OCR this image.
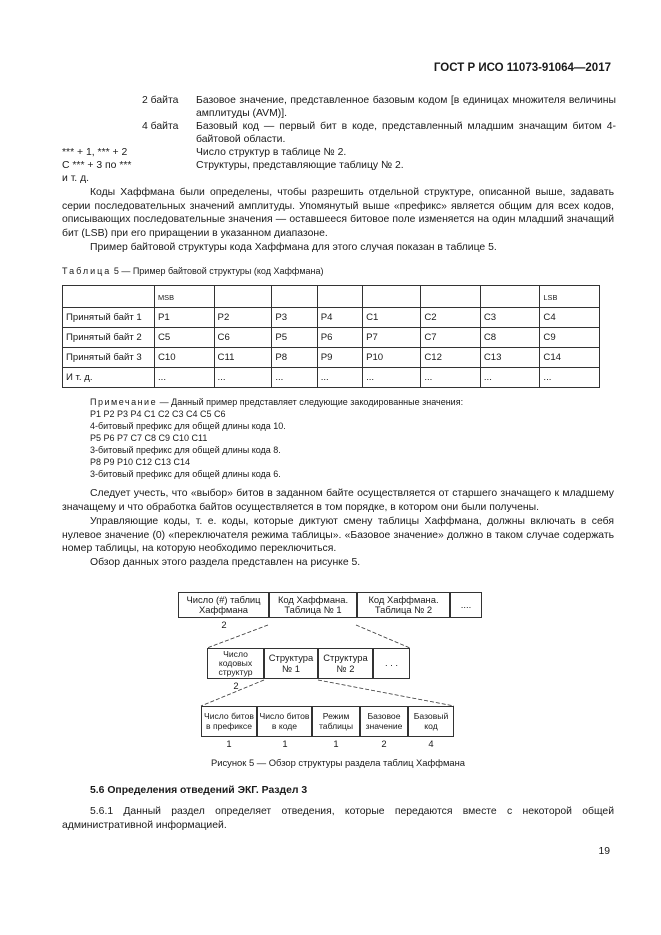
ГОСТ Р ИСО 11073-91064—2017
2 байта Базовое значение, представленное базовым кодом [в единицах множителя величины амплитуды (AVM)].
4 байта Базовый код — первый бит в коде, представленный младшим значащим битом 4-байтовой области.
*** + 1, *** + 2	Число структур в таблице № 2.
С *** + 3 по ***	Структуры, представляющие таблицу № 2.
и т. д.
Коды Хаффмана были определены, чтобы разрешить отдельной структуре, описанной выше, задавать серии последовательных значений амплитуды. Упомянутый выше «префикс» является общим для всех кодов, описывающих последовательные значения — оставшееся битовое поле изменяется на один младший значащий бит (LSB) при его приращении в указанном диапазоне.
Пример байтовой структуры кода Хаффмана для этого случая показан в таблице 5.
Таблица 5 — Пример байтовой структуры (код Хаффмана)
	MSB							LSB
Принятый байт 1	P1	P2	P3	P4	C1	C2	C3	C4
Принятый байт 2	C5	C6	P5	P6	P7	C7	C8	C9
Принятый байт 3	C10	C11	P8	P9	P10	C12	C13	C14
И т. д.	...	...	...	...	...	...	...	...
Примечание — Данный пример представляет следующие закодированные значения:
P1 P2 P3 P4 C1 C2 C3 C4 C5 C6
4-битовый префикс для общей длины кода 10.
P5 P6 P7 C7 C8 C9 C10 C11
3-битовый префикс для общей длины кода 8.
P8 P9 P10 C12 C13 C14
3-битовый префикс для общей длины кода 6.
Следует учесть, что «выбор» битов в заданном байте осуществляется от старшего значащего к младшему значащему и что обработка байтов осуществляется в том порядке, в котором они были получены.
Управляющие коды, т. е. коды, которые диктуют смену таблицы Хаффмана, должны включать в себя нулевое значение (0) «переключателя режима таблицы». «Базовое значение» должно в таком случае содержать номер таблицы, на которую необходимо переключиться.
Обзор данных этого раздела представлен на рисунке 5.
Число (#) таблиц Хаффмана
Код Хаффмана. Таблица № 1
Код Хаффмана. Таблица № 2	....
2
Число кодовых структур
Структура № 1
Структура № 2	. . .
2
Число битов в префиксе
Число битов в коде
Режим таблицы
Базовое значение
Базовый код
1	1	1	2	4
Рисунок 5 — Обзор структуры раздела таблиц Хаффмана
5.6 Определения отведений ЭКГ. Раздел 3
5.6.1 Данный раздел определяет отведения, которые передаются вместе с некоторой общей административной информацией.
19
